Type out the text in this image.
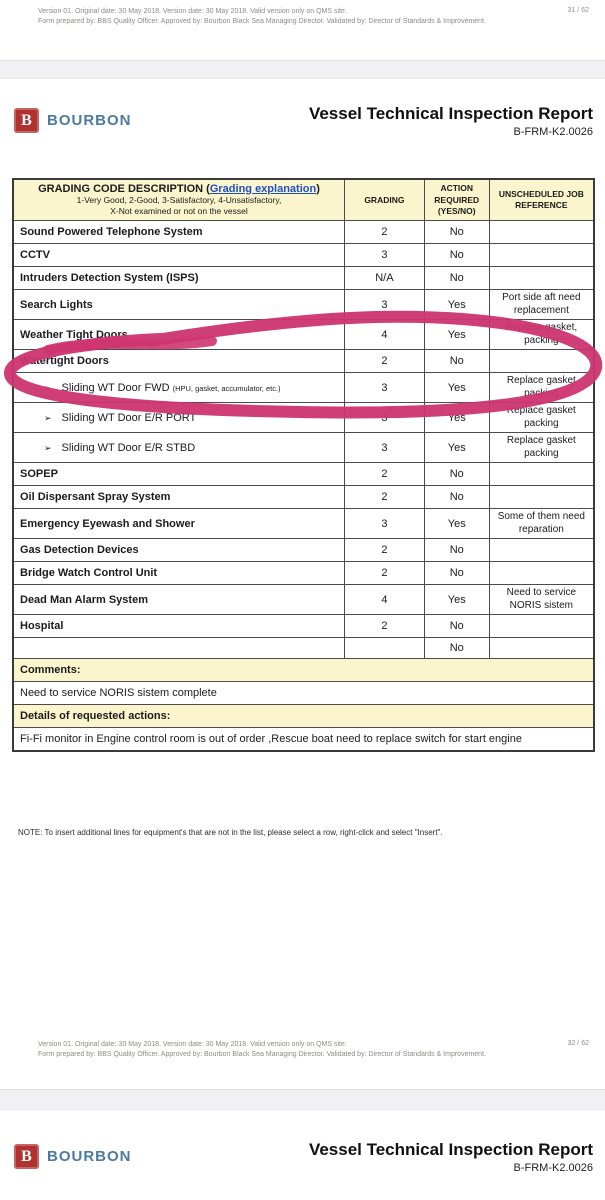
Version 01. Original date: 30 May 2018. Version date: 30 May 2018. Valid version only on QMS site.
Form prepared by: BBS Quality Officer. Approved by: Bourbon Black Sea Managing Director. Validated by: Director of Standards & Improvement.
31 / 62
B BOURBON	Vessel Technical Inspection Report
B-FRM-K2.0026
GRADING CODE DESCRIPTION (Grading explanation)
1-Very Good, 2-Good, 3-Satisfactory, 4-Unsatisfactory,
X-Not examined or not on the vessel	GRADING	ACTION REQUIRED (YES/NO)	UNSCHEDULED JOB REFERENCE
Sound Powered Telephone System	2	No	
CCTV	3	No	
Intruders Detection System (ISPS)	N/A	No	
Search Lights	3	Yes	Port side aft need replacement
Weather Tight Doors	4	Yes	Replace gasket, packing
Watertight Doors	2	No	
➢ Sliding WT Door FWD (HPU, gasket, accumulator, etc.)	3	Yes	Replace gasket packing
➢ Sliding WT Door E/R PORT	3	Yes	Replace gasket packing
➢ Sliding WT Door E/R STBD	3	Yes	Replace gasket packing
SOPEP	2	No	
Oil Dispersant Spray System	2	No	
Emergency Eyewash and Shower	3	Yes	Some of them need reparation
Gas Detection Devices	2	No	
Bridge Watch Control Unit	2	No	
Dead Man Alarm System	4	Yes	Need to service NORIS sistem
Hospital	2	No	
		No	
Comments:			
Need to service NORIS sistem complete			
Details of requested actions:			
Fi-Fi monitor in Engine control room is out of order ,Rescue boat need to replace switch for start engine			
NOTE: To insert additional lines for equipment's that are not in the list, please select a row, right-click and select "Insert".
Version 01. Original date: 30 May 2018. Version date: 30 May 2018. Valid version only on QMS site.
Form prepared by: BBS Quality Officer. Approved by: Bourbon Black Sea Managing Director. Validated by: Director of Standards & Improvement.
32 / 62
B BOURBON	Vessel Technical Inspection Report
B-FRM-K2.0026
